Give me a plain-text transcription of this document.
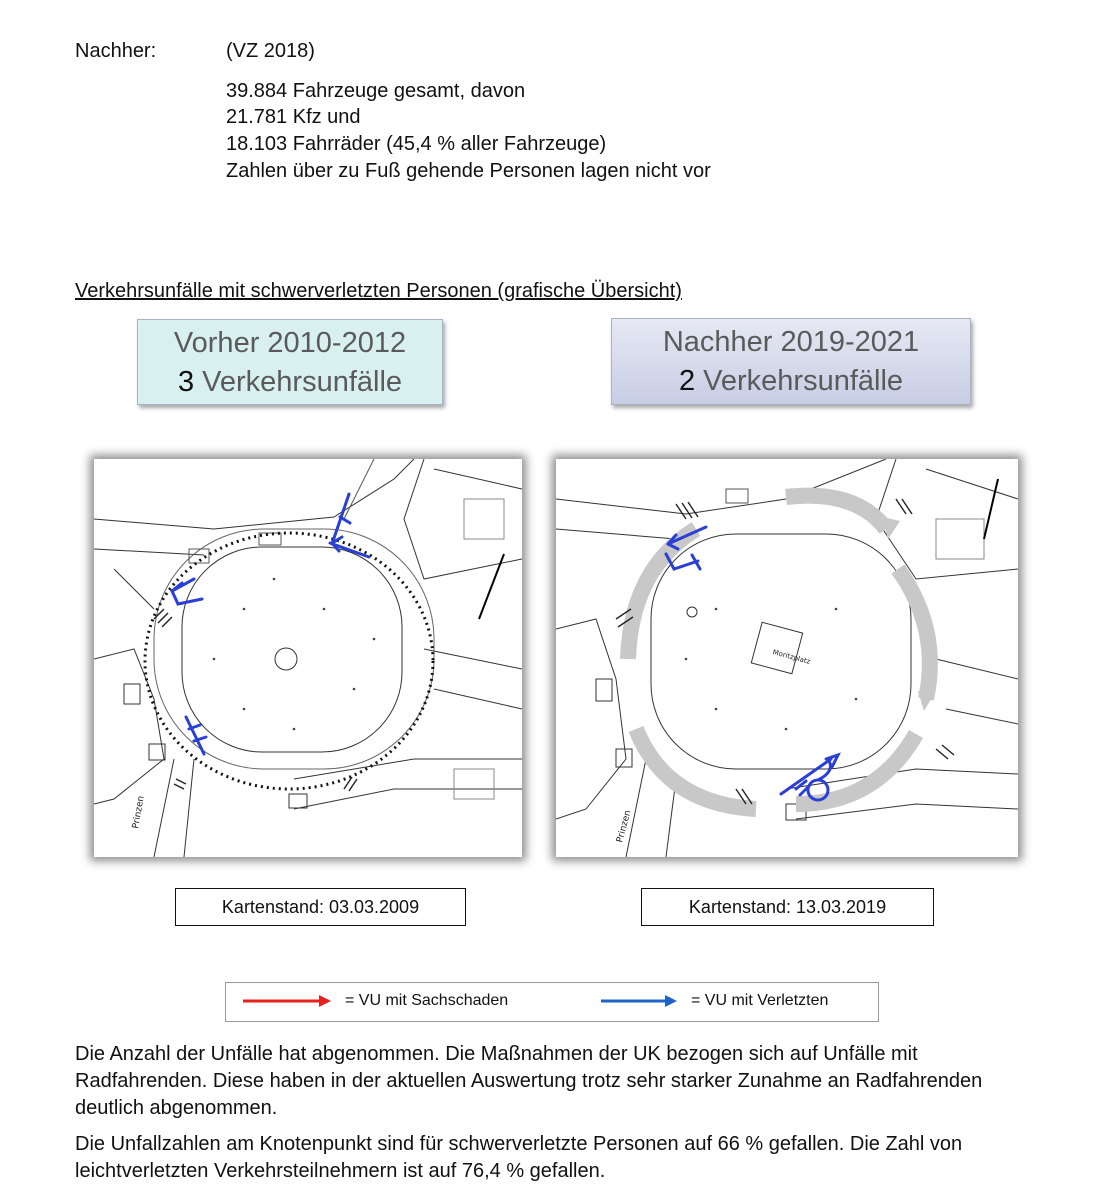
Nachher:	(VZ 2018)
39.884 Fahrzeuge gesamt, davon
21.781 Kfz und
18.103 Fahrräder (45,4 % aller Fahrzeuge)
Zahlen über zu Fuß gehende Personen lagen nicht vor
Verkehrsunfälle mit schwerverletzten Personen (grafische Übersicht)
Vorher 2010-2012
3 Verkehrsunfälle
Nachher 2019-2021
2 Verkehrsunfälle
Prinzen
Moritzplatz
Prinzen
Kartenstand: 03.03.2009	Kartenstand: 13.03.2019
= VU mit Sachschaden	= VU mit Verletzten
Die Anzahl der Unfälle hat abgenommen. Die Maßnahmen der UK bezogen sich auf Unfälle mit Radfahrenden. Diese haben in der aktuellen Auswertung trotz sehr starker Zunahme an Radfahrenden deutlich abgenommen.
Die Unfallzahlen am Knotenpunkt sind für schwerverletzte Personen auf 66 % gefallen. Die Zahl von leichtverletzten Verkehrsteilnehmern ist auf 76,4 % gefallen.
